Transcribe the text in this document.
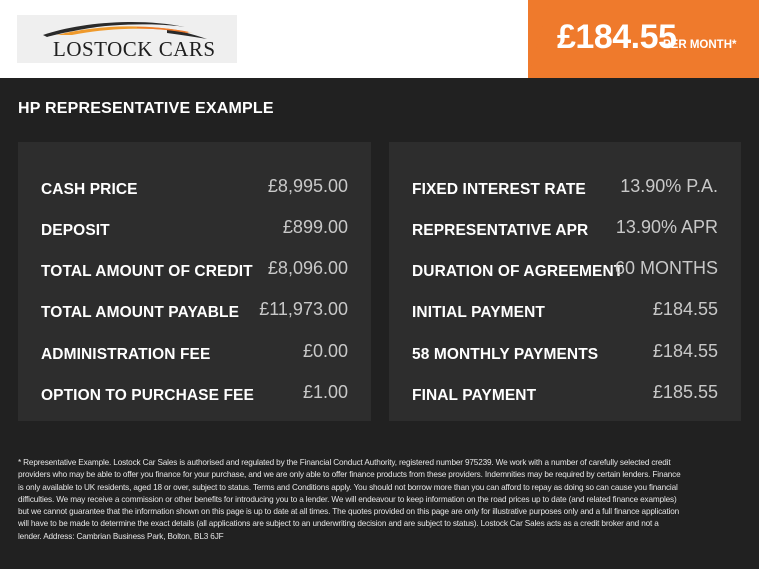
LOSTOCK CARS	£184.55
PER MONTH*
HP REPRESENTATIVE EXAMPLE
CASH PRICE	£8,995.00
DEPOSIT	£899.00
TOTAL AMOUNT OF CREDIT £8,096.00
TOTAL AMOUNT PAYABLE £11,973.00
ADMINISTRATION FEE	£0.00
OPTION TO PURCHASE FEE	£1.00
FIXED INTEREST RATE 13.90% P.A.
REPRESENTATIVE APR 13.90% APR
DURATION OF AGREEMENT
60 MONTHS
INITIAL PAYMENT	£184.55
58 MONTHLY PAYMENTS	£184.55
FINAL PAYMENT	£185.55

* Representative Example. Lostock Car Sales is authorised and regulated by the Financial Conduct Authority, registered number 975239. We work with a number of carefully selected credit providers who may be able to offer you finance for your purchase, and we are only able to offer finance products from these providers. Indemnities may be required by certain lenders. Finance is only available to UK residents, aged 18 or over, subject to status. Terms and Conditions apply. You should not borrow more than you can afford to repay as doing so can cause you financial difficulties. We may receive a commission or other benefits for introducing you to a lender. We will endeavour to keep information on the road prices up to date (and related finance examples) but we cannot guarantee that the information shown on this page is up to date at all times. The quotes provided on this page are only for illustrative purposes only and a full finance application will have to be made to determine the exact details (all applications are subject to an underwriting decision and are subject to status). Lostock Car Sales acts as a credit broker and not a lender. Address: Cambrian Business Park, Bolton, BL3 6JF
